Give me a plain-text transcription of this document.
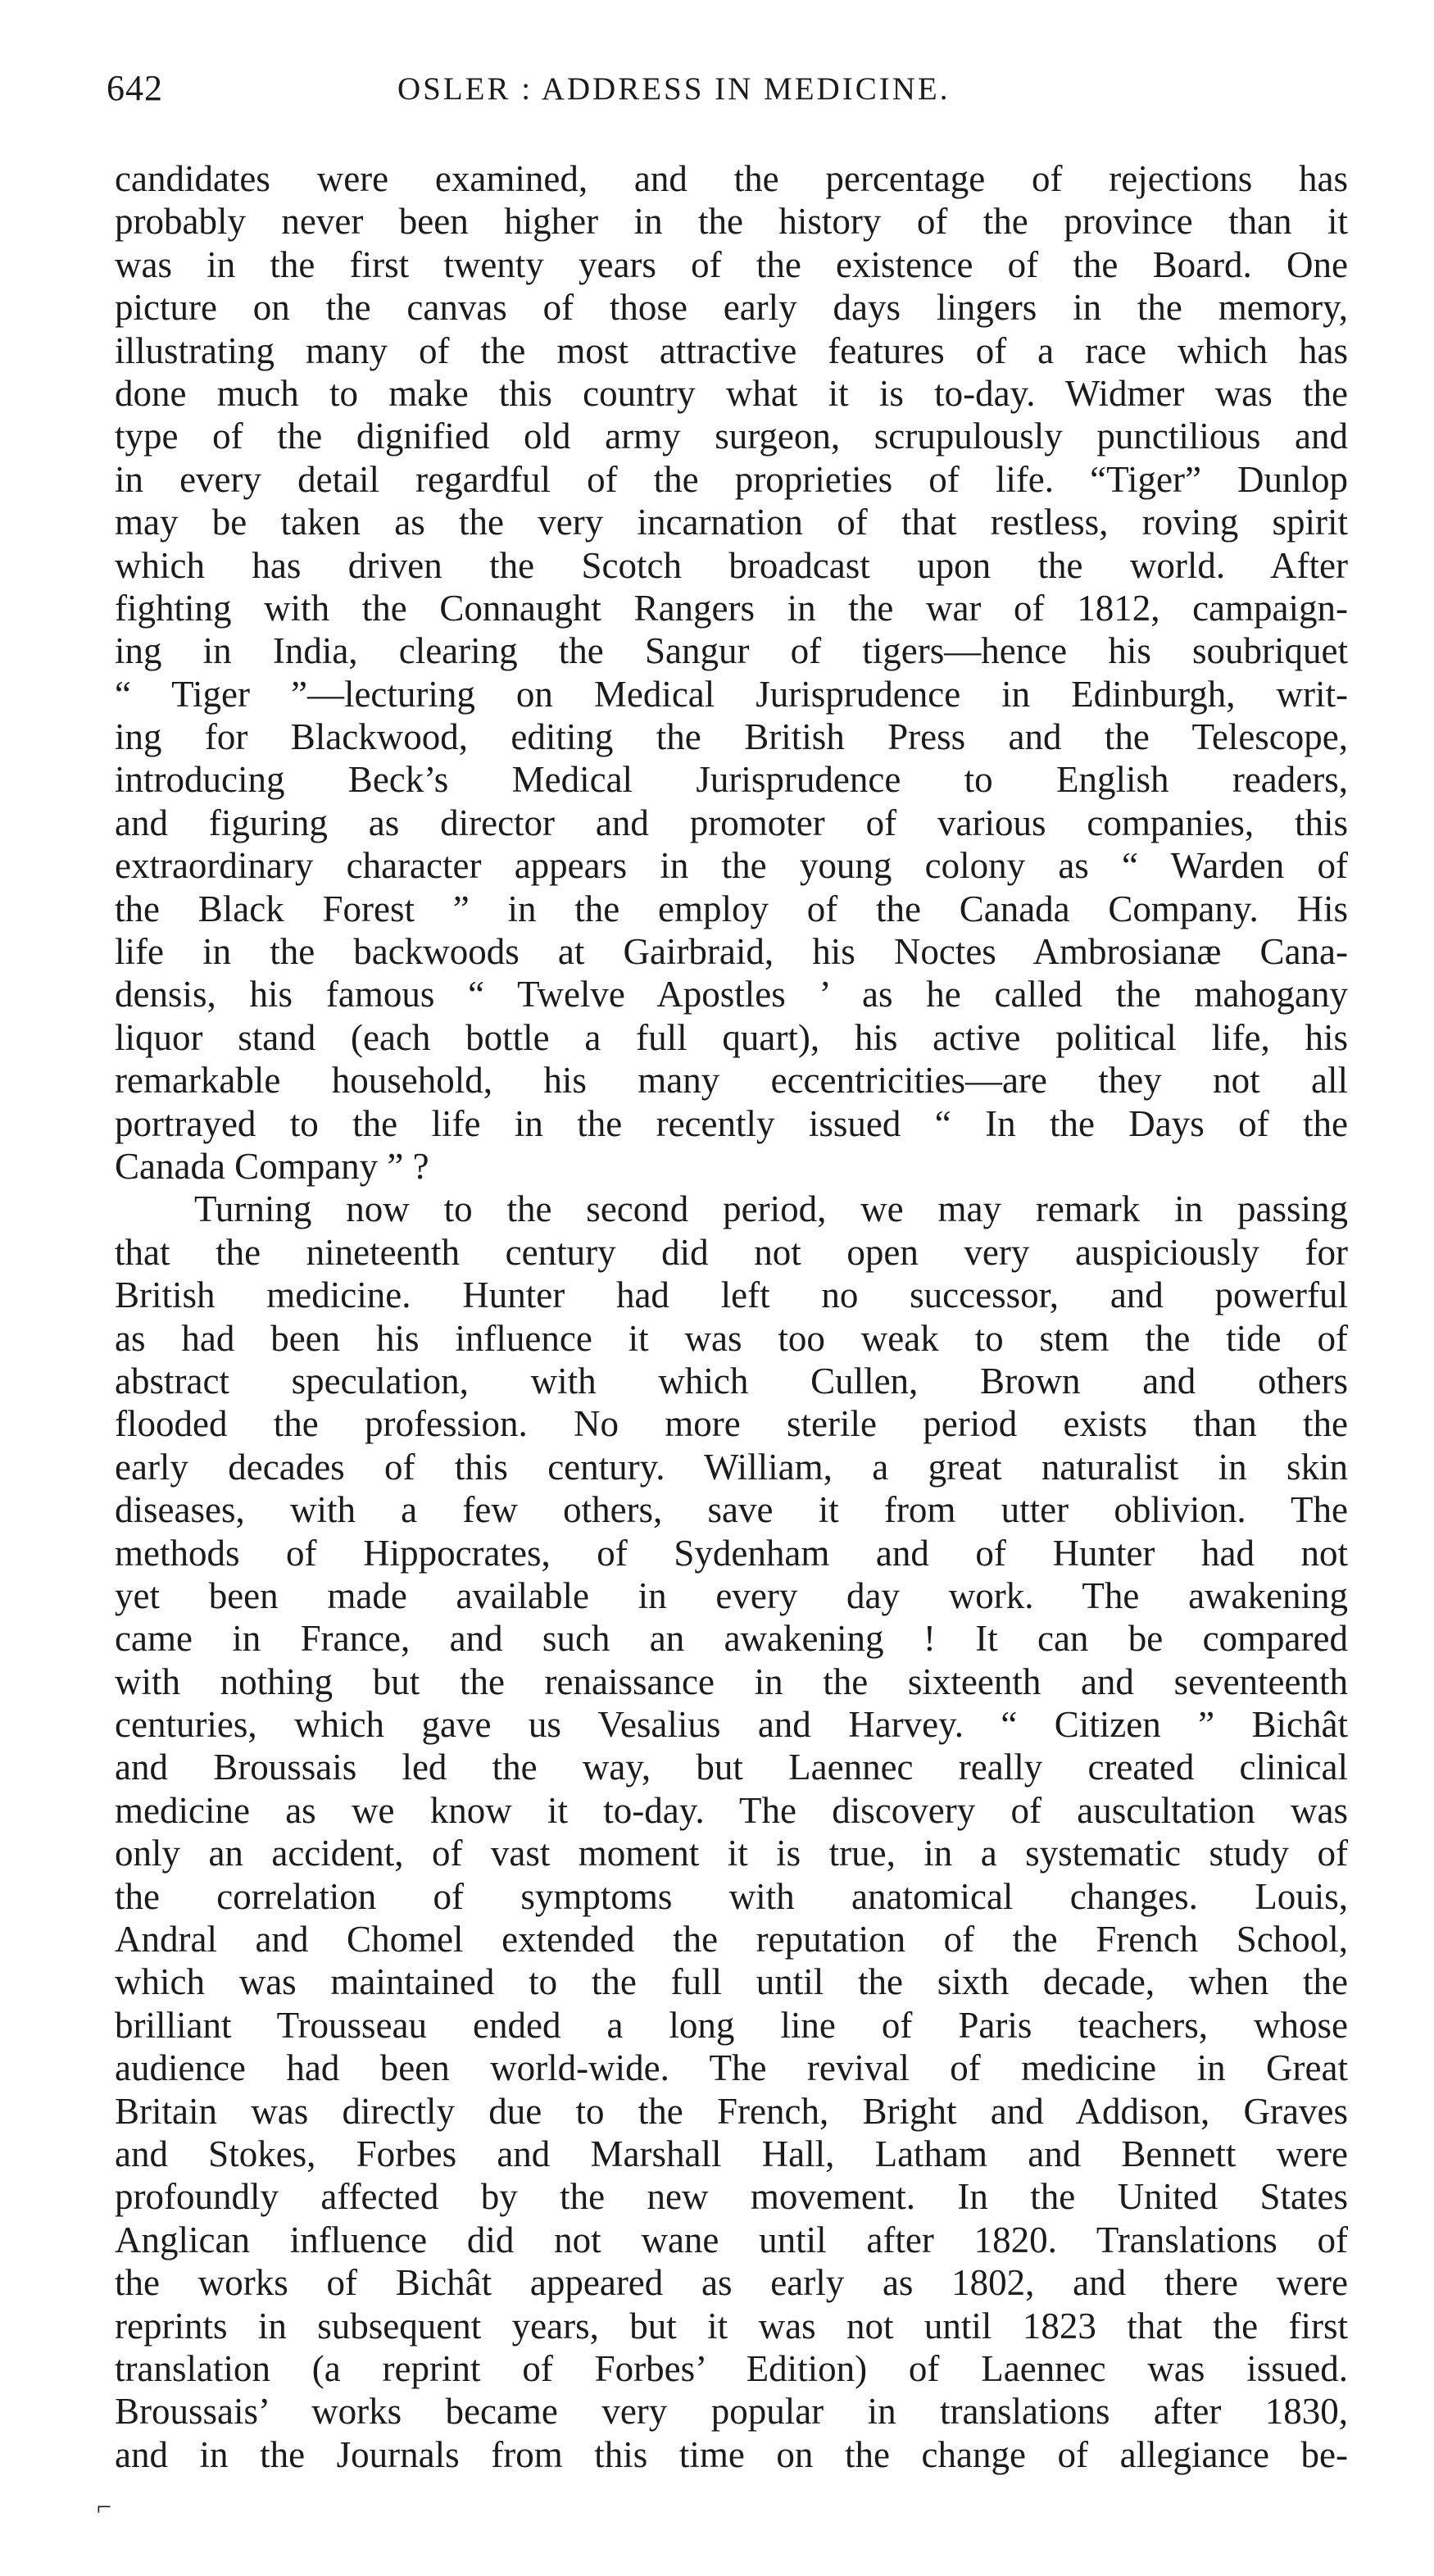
642	OSLER : ADDRESS IN MEDICINE.
candidates were examined, and the percentage of rejections has
probably never been higher in the history of the province than it
was in the first twenty years of the existence of the Board. One
picture on the canvas of those early days lingers in the memory,
illustrating many of the most attractive features of a race which has
done much to make this country what it is to-day. Widmer was the
type of the dignified old army surgeon, scrupulously punctilious and
in every detail regardful of the proprieties of life. “Tiger” Dunlop
may be taken as the very incarnation of that restless, roving spirit
which has driven the Scotch broadcast upon the world. After
fighting with the Connaught Rangers in the war of 1812, campaign-
ing in India, clearing the Sangur of tigers—hence his soubriquet
“ Tiger ”—lecturing on Medical Jurisprudence in Edinburgh, writ-
ing for Blackwood, editing the British Press and the Telescope,
introducing Beck’s Medical Jurisprudence to English readers,
and figuring as director and promoter of various companies, this
extraordinary character appears in the young colony as “ Warden of
the Black Forest ” in the employ of the Canada Company. His
life in the backwoods at Gairbraid, his Noctes Ambrosianæ Cana-
densis, his famous “ Twelve Apostles ’ as he called the mahogany
liquor stand (each bottle a full quart), his active political life, his
remarkable household, his many eccentricities—are they not all
portrayed to the life in the recently issued “ In the Days of the
Canada Company ” ?
Turning now to the second period, we may remark in passing
that the nineteenth century did not open very auspiciously for
British medicine. Hunter had left no successor, and powerful
as had been his influence it was too weak to stem the tide of
abstract speculation, with which Cullen, Brown and others
flooded the profession. No more sterile period exists than the
early decades of this century. William, a great naturalist in skin
diseases, with a few others, save it from utter oblivion. The
methods of Hippocrates, of Sydenham and of Hunter had not
yet been made available in every day work. The awakening
came in France, and such an awakening ! It can be compared
with nothing but the renaissance in the sixteenth and seventeenth
centuries, which gave us Vesalius and Harvey. “ Citizen ” Bichât
and Broussais led the way, but Laennec really created clinical
medicine as we know it to-day. The discovery of auscultation was
only an accident, of vast moment it is true, in a systematic study of
the correlation of symptoms with anatomical changes. Louis,
Andral and Chomel extended the reputation of the French School,
which was maintained to the full until the sixth decade, when the
brilliant Trousseau ended a long line of Paris teachers, whose
audience had been world-wide. The revival of medicine in Great
Britain was directly due to the French, Bright and Addison, Graves
and Stokes, Forbes and Marshall Hall, Latham and Bennett were
profoundly affected by the new movement. In the United States
Anglican influence did not wane until after 1820. Translations of
the works of Bichât appeared as early as 1802, and there were
reprints in subsequent years, but it was not until 1823 that the first
translation (a reprint of Forbes’ Edition) of Laennec was issued.
Broussais’ works became very popular in translations after 1830,
and in the Journals from this time on the change of allegiance be-
⌐
